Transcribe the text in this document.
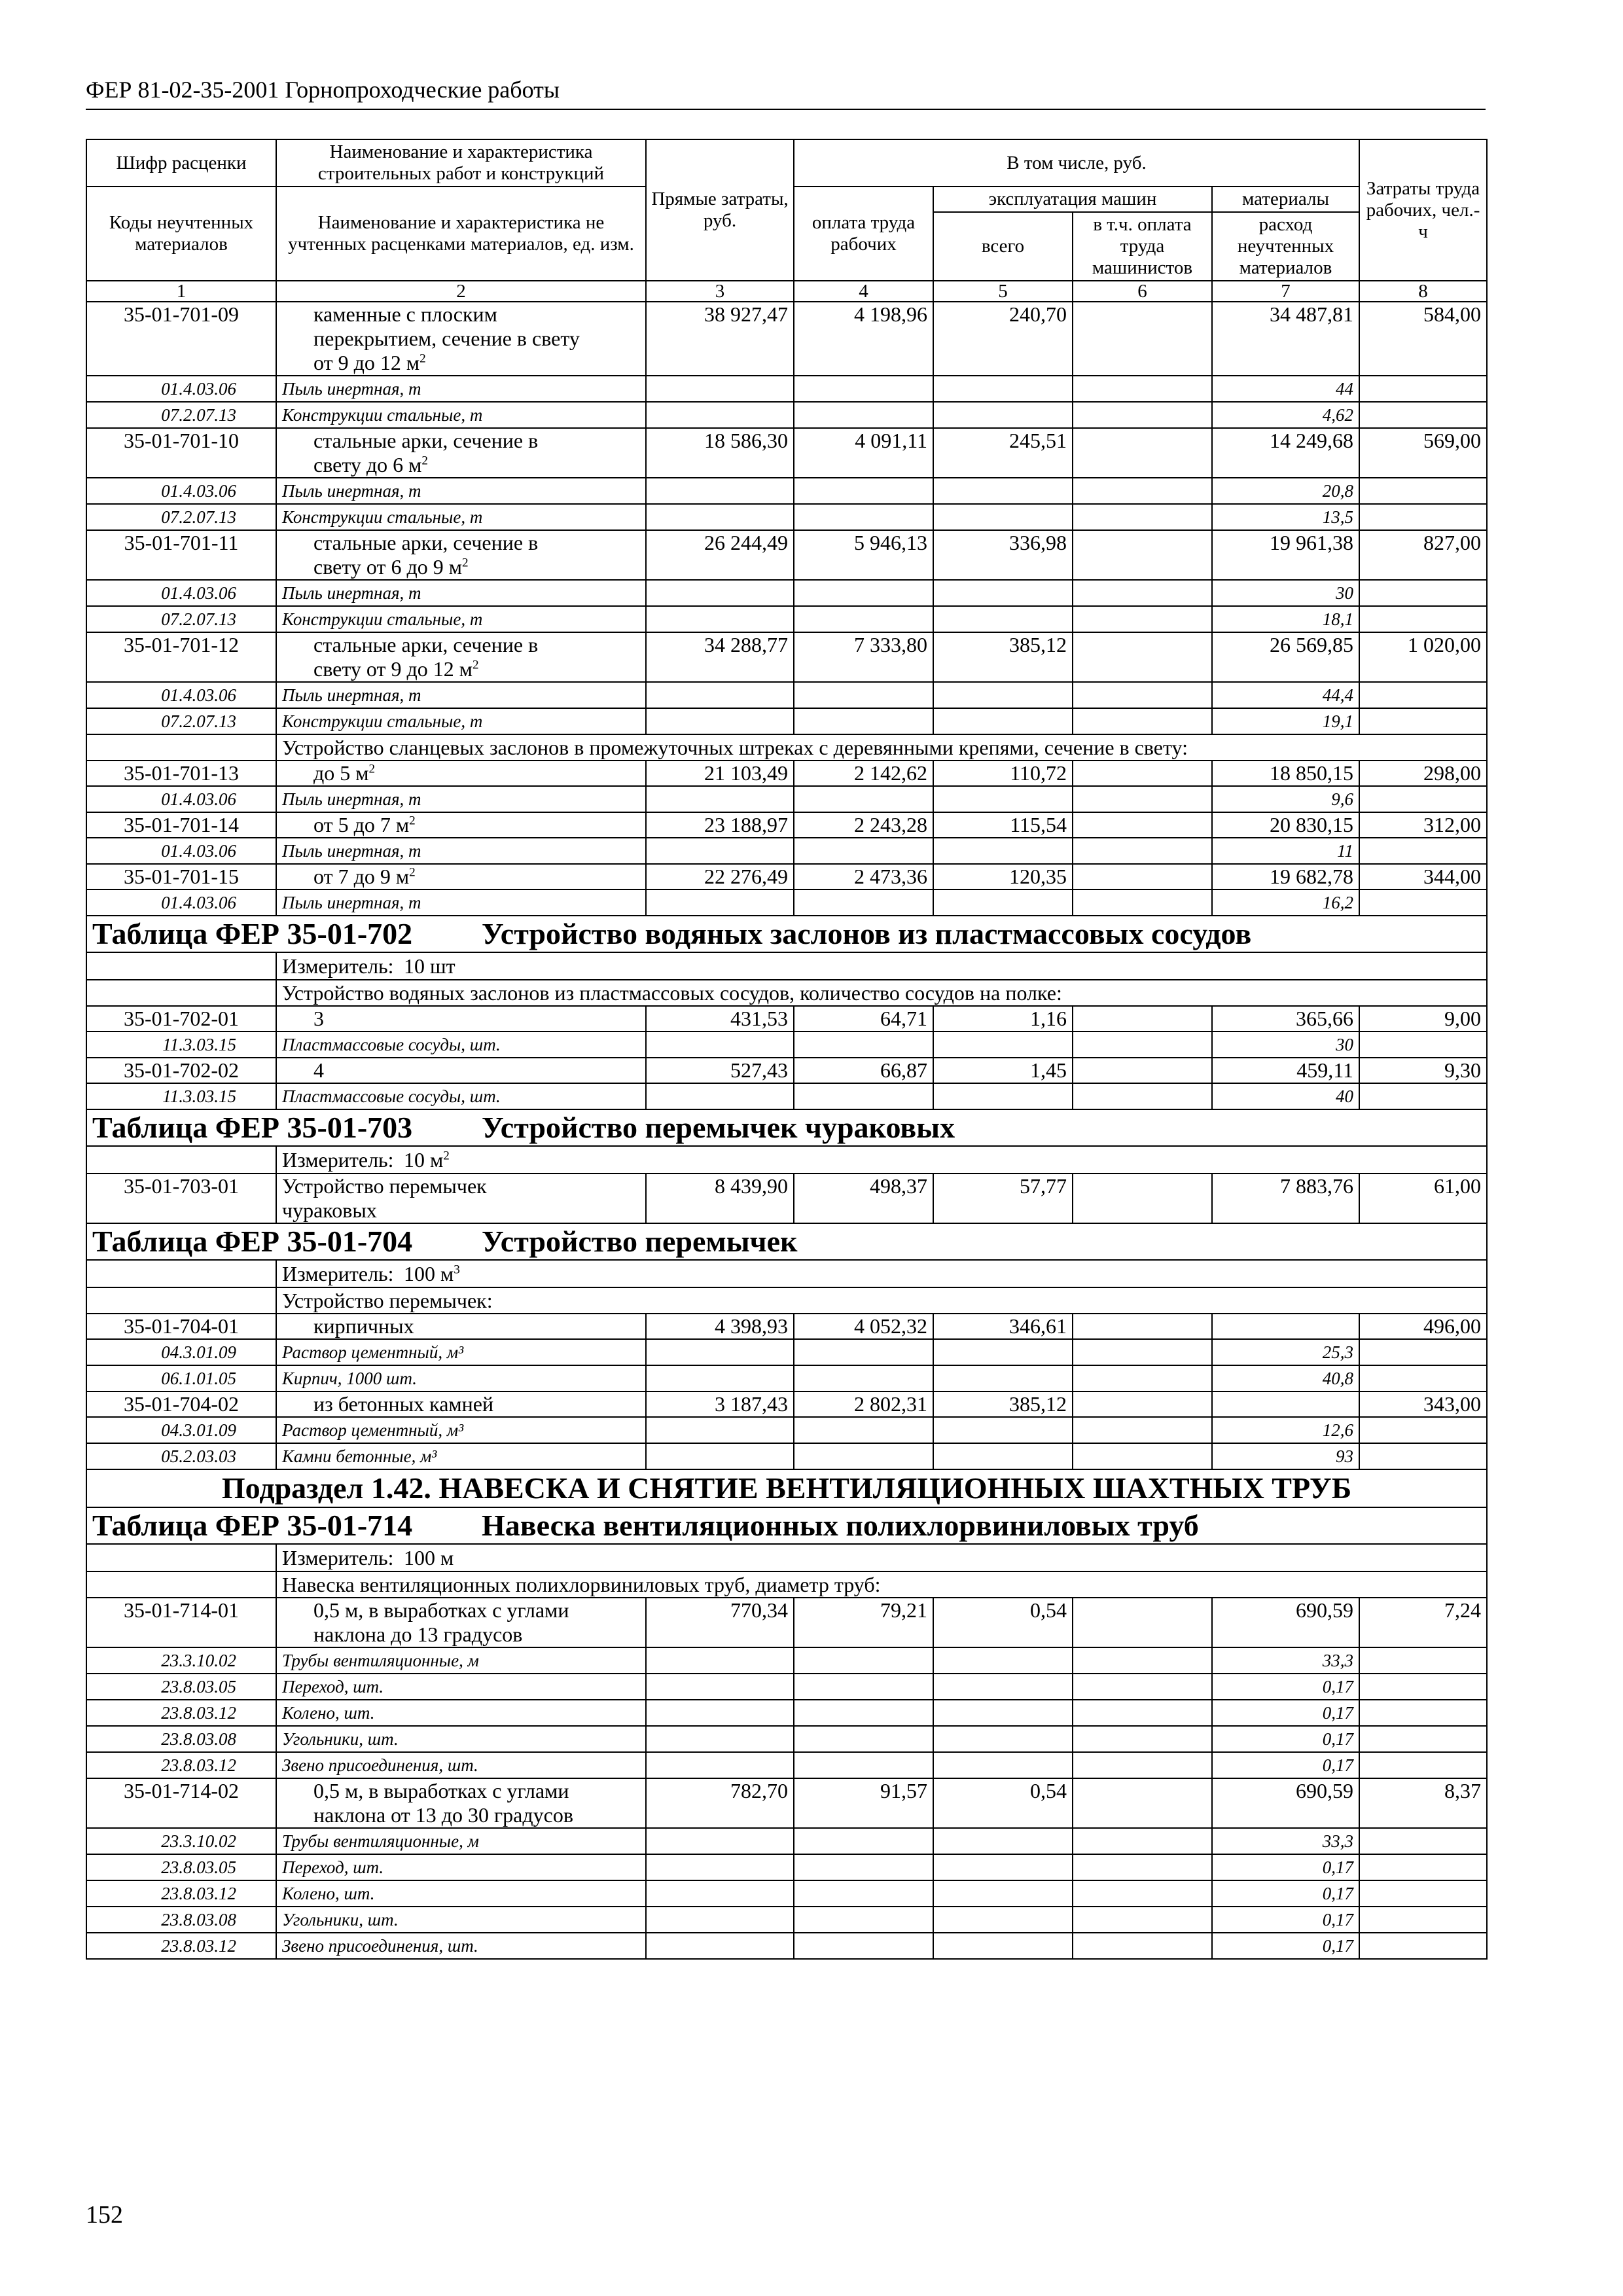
ФЕР 81-02-35-2001 Горнопроходческие работы
Шифр расценки	Наименование и характеристика строительных работ и конструкций	Прямые затраты, руб.	В том числе, руб.				Затраты труда рабочих, чел.-ч
Коды неучтенных материалов	Наименование и характеристика не учтенных расценками материалов, ед. изм.		оплата труда рабочих	эксплуатация машин		материалы	
				всего	в т.ч. оплата труда машинистов	расход неучтенных материалов	
1	2	3	4	5	6	7	8
35-01-701-09	каменные с плоским
перекрытием, сечение в свету
от 9 до 12 $м^2$	38 927,47	4 198,96	240,70		34 487,81	584,00
01.4.03.06	Пыль инертная, т					44	
07.2.07.13	Конструкции стальные, т					4,62	
35-01-701-10	стальные арки, сечение в
свету до 6 $м^2$	18 586,30	4 091,11	245,51		14 249,68	569,00
01.4.03.06	Пыль инертная, т					20,8	
07.2.07.13	Конструкции стальные, т					13,5	
35-01-701-11	стальные арки, сечение в
свету от 6 до 9 $м^2$	26 244,49	5 946,13	336,98		19 961,38	827,00
01.4.03.06	Пыль инертная, т					30	
07.2.07.13	Конструкции стальные, т					18,1	
35-01-701-12	стальные арки, сечение в
свету от 9 до 12 $м^2$	34 288,77	7 333,80	385,12		26 569,85	1 020,00
01.4.03.06	Пыль инертная, т					44,4	
07.2.07.13	Конструкции стальные, т					19,1	
	Устройство сланцевых заслонов в промежуточных штреках с деревянными крепями, сечение в свету:						
35-01-701-13	до 5 $м^2$	21 103,49	2 142,62	110,72		18 850,15	298,00
01.4.03.06	Пыль инертная, т					9,6	
35-01-701-14	от 5 до 7 $м^2$	23 188,97	2 243,28	115,54		20 830,15	312,00
01.4.03.06	Пыль инертная, т					11	
35-01-701-15	от 7 до 9 $м^2$	22 276,49	2 473,36	120,35		19 682,78	344,00
01.4.03.06	Пыль инертная, т					16,2	
Таблица ФЕР 35-01-702 Устройство водяных заслонов из пластмассовых сосудов							
	Измеритель: 10 шт						
	Устройство водяных заслонов из пластмассовых сосудов, количество сосудов на полке:						
35-01-702-01	3	431,53	64,71	1,16		365,66	9,00
11.3.03.15	Пластмассовые сосуды, шт.					30	
35-01-702-02	4	527,43	66,87	1,45		459,11	9,30
11.3.03.15	Пластмассовые сосуды, шт.					40	
Таблица ФЕР 35-01-703 Устройство перемычек чураковых							
	Измеритель: 10 $м^2$
35-01-703-01	Устройство перемычек
чураковых	8 439,90	498,37	57,77		7 883,76	61,00
Таблица ФЕР 35-01-704 Устройство перемычек							
	Измеритель: 100 $м^3$
	Устройство перемычек:						
35-01-704-01	кирпичных	4 398,93	4 052,32	346,61			496,00
04.3.01.09	Раствор цементный, м³					25,3	
06.1.01.05	Кирпич, 1000 шт.					40,8	
35-01-704-02	из бетонных камней	3 187,43	2 802,31	385,12			343,00
04.3.01.09	Раствор цементный, м³					12,6	
05.2.03.03	Камни бетонные, м³					93	
Подраздел 1.42. НАВЕСКА И СНЯТИЕ ВЕНТИЛЯЦИОННЫХ ШАХТНЫХ ТРУБ							
Таблица ФЕР 35-01-714 Навеска вентиляционных полихлорвиниловых труб							
	Измеритель: 100 м						
	Навеска вентиляционных полихлорвиниловых труб, диаметр труб:						
35-01-714-01	0,5 м, в выработках с углами
наклона до 13 градусов	770,34	79,21	0,54		690,59	7,24
23.3.10.02	Трубы вентиляционные, м					33,3	
23.8.03.05	Переход, шт.					0,17	
23.8.03.12	Колено, шт.					0,17	
23.8.03.08	Угольники, шт.					0,17	
23.8.03.12	Звено присоединения, шт.					0,17	
35-01-714-02	0,5 м, в выработках с углами
наклона от 13 до 30 градусов	782,70	91,57	0,54		690,59	8,37
23.3.10.02	Трубы вентиляционные, м					33,3	
23.8.03.05	Переход, шт.					0,17	
23.8.03.12	Колено, шт.					0,17	
23.8.03.08	Угольники, шт.					0,17	
23.8.03.12	Звено присоединения, шт.					0,17	
152
